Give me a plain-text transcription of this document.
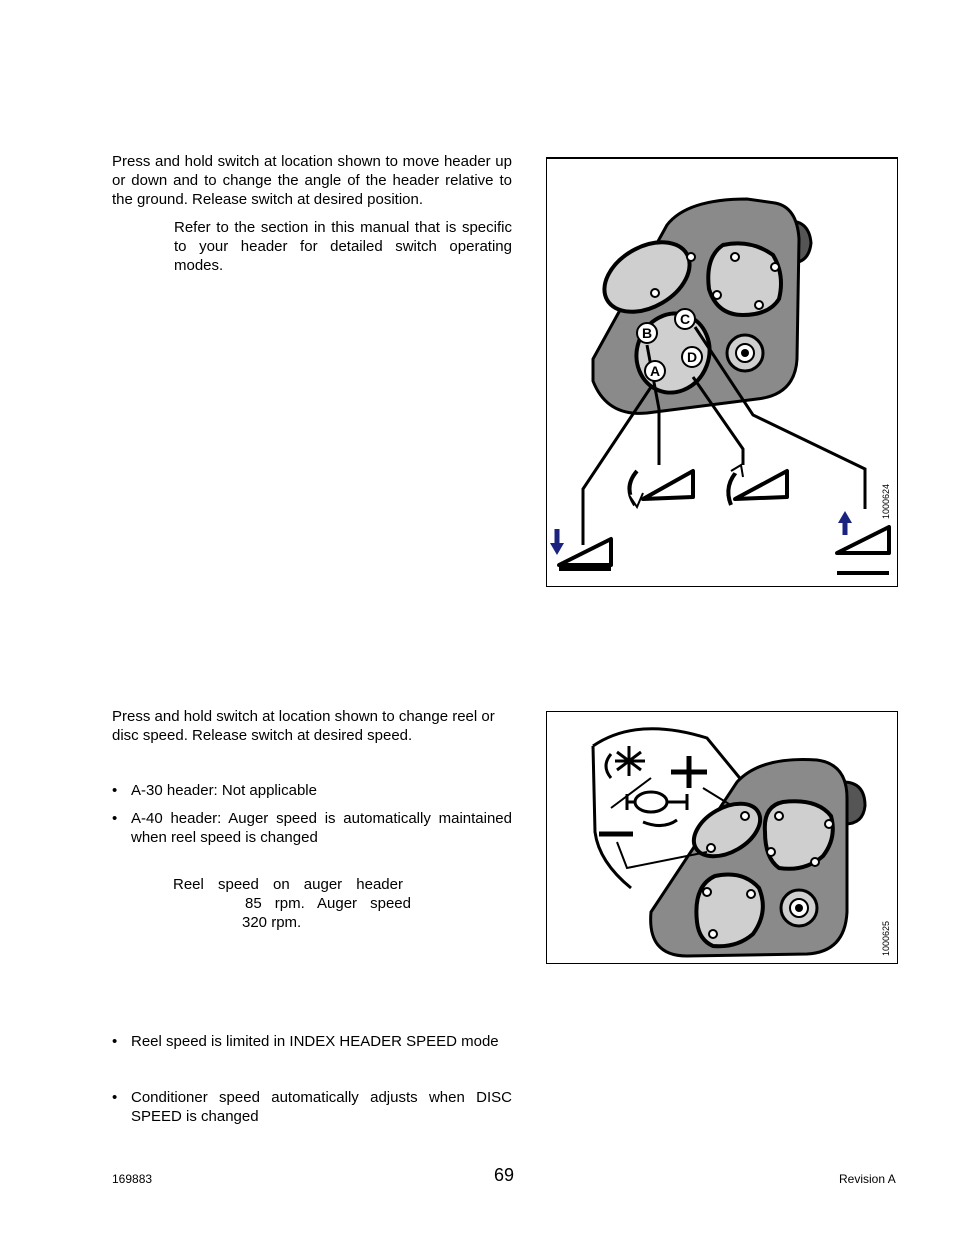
Press and hold switch at location shown to move header up or down and to change the angle of the header relative to the ground. Release switch at desired position.
Refer to the section in this manual that is specific to your header for detailed switch operating modes.
B
C
D
A
1000624
Press and hold switch at location shown to change reel or disc speed. Release switch at desired speed.
• A-30 header: Not applicable
• A-40 header: Auger speed is automatically maintained when reel speed is changed
Reel speed on auger header
85 rpm. Auger speed
320 rpm.
• Reel speed is limited in INDEX HEADER SPEED mode
• Conditioner speed automatically adjusts when DISC SPEED is changed
1000625
169883	69	Revision A
